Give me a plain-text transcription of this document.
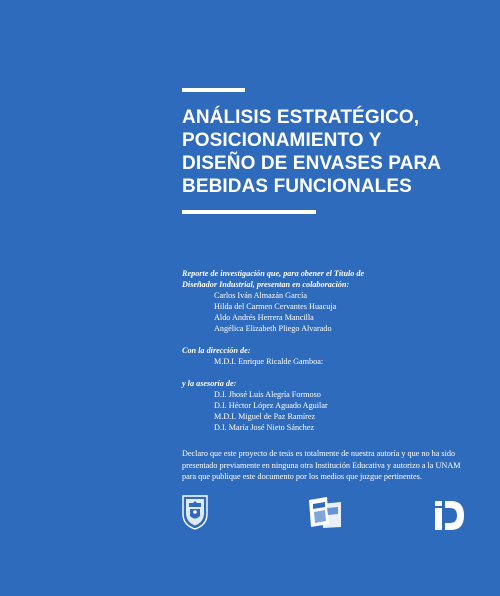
ANÁLISIS ESTRATÉGICO,
POSICIONAMIENTO Y
DISEÑO DE ENVASES PARA
BEBIDAS FUNCIONALES
Reporte de investigación que, para obener el Título de
Diseñador Industrial, presentan en colaboración:
Carlos Iván Almazán García
Hilda del Carmen Cervantes Huacuja
Aldo Andrés Herrera Mancilla
Angélica Elizabeth Pliego Alvarado
Con la dirección de:
M.D.I. Enrique Ricalde Gamboa:
y la asesoría de:
D.I. Jhosé Luis Alegría Formoso
D.I. Héctor López Aguado Aguilar
M.D.I. Miguel de Paz Ramírez
D.I. María José Nieto Sánchez

Declaro que este proyecto de tesis es totalmente de nuestra autoría y que no ha sido presentado previamente en ninguna otra Institución Educativa y autorizo a la UNAM para que publique este documento por los medios que juzgue pertinentes.
